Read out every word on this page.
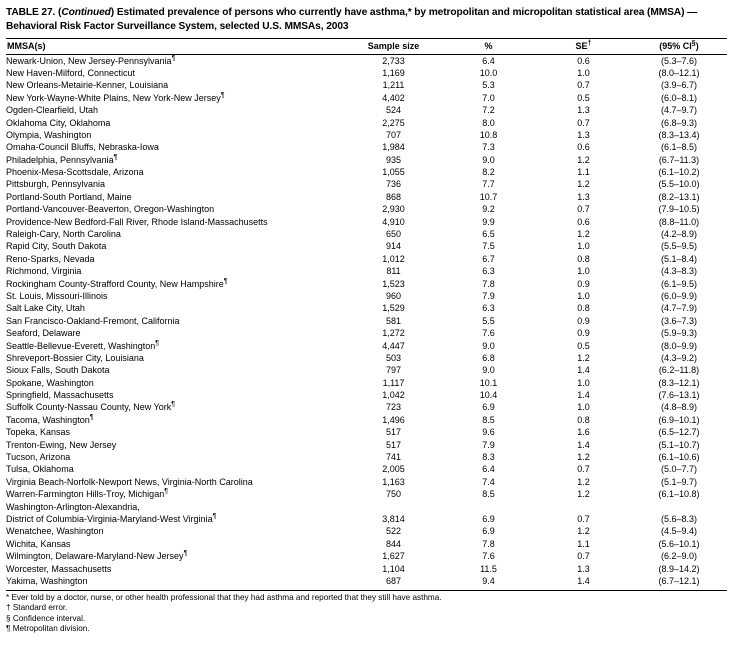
TABLE 27. (Continued) Estimated prevalence of persons who currently have asthma,* by metropolitan and micropolitan statistical area (MMSA) — Behavioral Risk Factor Surveillance System, selected U.S. MMSAs, 2003
MMSA(s)	Sample size	%	SE†	(95% CI§)
Newark-Union, New Jersey-Pennsylvania¶	2,733	6.4	0.6	(5.3–7.6)
New Haven-Milford, Connecticut	1,169	10.0	1.0	(8.0–12.1)
New Orleans-Metairie-Kenner, Louisiana	1,211	5.3	0.7	(3.9–6.7)
New York-Wayne-White Plains, New York-New Jersey¶	4,402	7.0	0.5	(6.0–8.1)
Ogden-Clearfield, Utah	524	7.2	1.3	(4.7–9.7)
Oklahoma City, Oklahoma	2,275	8.0	0.7	(6.8–9.3)
Olympia, Washington	707	10.8	1.3	(8.3–13.4)
Omaha-Council Bluffs, Nebraska-Iowa	1,984	7.3	0.6	(6.1–8.5)
Philadelphia, Pennsylvania¶	935	9.0	1.2	(6.7–11.3)
Phoenix-Mesa-Scottsdale, Arizona	1,055	8.2	1.1	(6.1–10.2)
Pittsburgh, Pennsylvania	736	7.7	1.2	(5.5–10.0)
Portland-South Portland, Maine	868	10.7	1.3	(8.2–13.1)
Portland-Vancouver-Beaverton, Oregon-Washington	2,930	9.2	0.7	(7.9–10.5)
Providence-New Bedford-Fall River, Rhode Island-Massachusetts	4,910	9.9	0.6	(8.8–11.0)
Raleigh-Cary, North Carolina	650	6.5	1.2	(4.2–8.9)
Rapid City, South Dakota	914	7.5	1.0	(5.5–9.5)
Reno-Sparks, Nevada	1,012	6.7	0.8	(5.1–8.4)
Richmond, Virginia	811	6.3	1.0	(4.3–8.3)
Rockingham County-Strafford County, New Hampshire¶	1,523	7.8	0.9	(6.1–9.5)
St. Louis, Missouri-Illinois	960	7.9	1.0	(6.0–9.9)
Salt Lake City, Utah	1,529	6.3	0.8	(4.7–7.9)
San Francisco-Oakland-Fremont, California	581	5.5	0.9	(3.6–7.3)
Seaford, Delaware	1,272	7.6	0.9	(5.9–9.3)
Seattle-Bellevue-Everett, Washington¶	4,447	9.0	0.5	(8.0–9.9)
Shreveport-Bossier City, Louisiana	503	6.8	1.2	(4.3–9.2)
Sioux Falls, South Dakota	797	9.0	1.4	(6.2–11.8)
Spokane, Washington	1,117	10.1	1.0	(8.3–12.1)
Springfield, Massachusetts	1,042	10.4	1.4	(7.6–13.1)
Suffolk County-Nassau County, New York¶	723	6.9	1.0	(4.8–8.9)
Tacoma, Washington¶	1,496	8.5	0.8	(6.9–10.1)
Topeka, Kansas	517	9.6	1.6	(6.5–12.7)
Trenton-Ewing, New Jersey	517	7.9	1.4	(5.1–10.7)
Tucson, Arizona	741	8.3	1.2	(6.1–10.6)
Tulsa, Oklahoma	2,005	6.4	0.7	(5.0–7.7)
Virginia Beach-Norfolk-Newport News, Virginia-North Carolina	1,163	7.4	1.2	(5.1–9.7)
Warren-Farmington Hills-Troy, Michigan¶	750	8.5	1.2	(6.1–10.8)
Washington-Arlington-Alexandria,				
District of Columbia-Virginia-Maryland-West Virginia¶	3,814	6.9	0.7	(5.6–8.3)
Wenatchee, Washington	522	6.9	1.2	(4.5–9.4)
Wichita, Kansas	844	7.8	1.1	(5.6–10.1)
Wilmington, Delaware-Maryland-New Jersey¶	1,627	7.6	0.7	(6.2–9.0)
Worcester, Massachusetts	1,104	11.5	1.3	(8.9–14.2)
Yakima, Washington	687	9.4	1.4	(6.7–12.1)
* Ever told by a doctor, nurse, or other health professional that they had asthma and reported that they still have asthma.
† Standard error.
§ Confidence interval.
¶ Metropolitan division.
